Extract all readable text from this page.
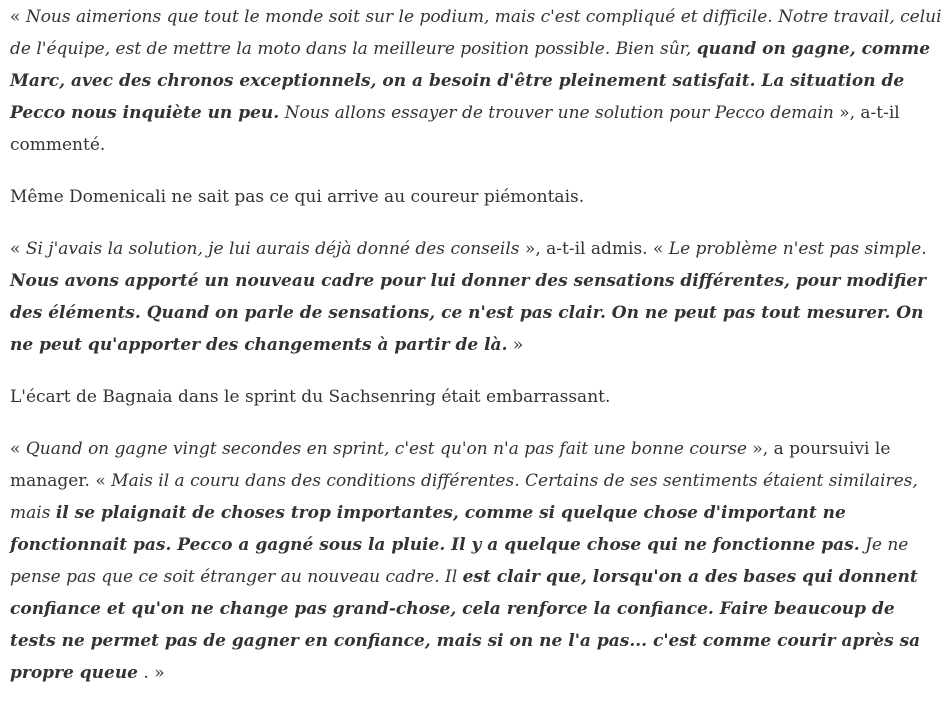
« Nous aimerions que tout le monde soit sur le podium, mais c'est compliqué et difficile. Notre travail, celui de l'équipe, est de mettre la moto dans la meilleure position possible. Bien sûr, quand on gagne, comme Marc, avec des chronos exceptionnels, on a besoin d'être pleinement satisfait. La situation de Pecco nous inquiète un peu. Nous allons essayer de trouver une solution pour Pecco demain », a-t-il commenté.

Même Domenicali ne sait pas ce qui arrive au coureur piémontais.

« Si j'avais la solution, je lui aurais déjà donné des conseils », a-t-il admis. « Le problème n'est pas simple. Nous avons apporté un nouveau cadre pour lui donner des sensations différentes, pour modifier des éléments. Quand on parle de sensations, ce n'est pas clair. On ne peut pas tout mesurer. On ne peut qu'apporter des changements à partir de là. »

L'écart de Bagnaia dans le sprint du Sachsenring était embarrassant.

« Quand on gagne vingt secondes en sprint, c'est qu'on n'a pas fait une bonne course », a poursuivi le manager. « Mais il a couru dans des conditions différentes. Certains de ses sentiments étaient similaires, mais il se plaignait de choses trop importantes, comme si quelque chose d'important ne fonctionnait pas. Pecco a gagné sous la pluie. Il y a quelque chose qui ne fonctionne pas. Je ne pense pas que ce soit étranger au nouveau cadre. Il est clair que, lorsqu'on a des bases qui donnent confiance et qu'on ne change pas grand-chose, cela renforce la confiance. Faire beaucoup de tests ne permet pas de gagner en confiance, mais si on ne l'a pas... c'est comme courir après sa propre queue . »
